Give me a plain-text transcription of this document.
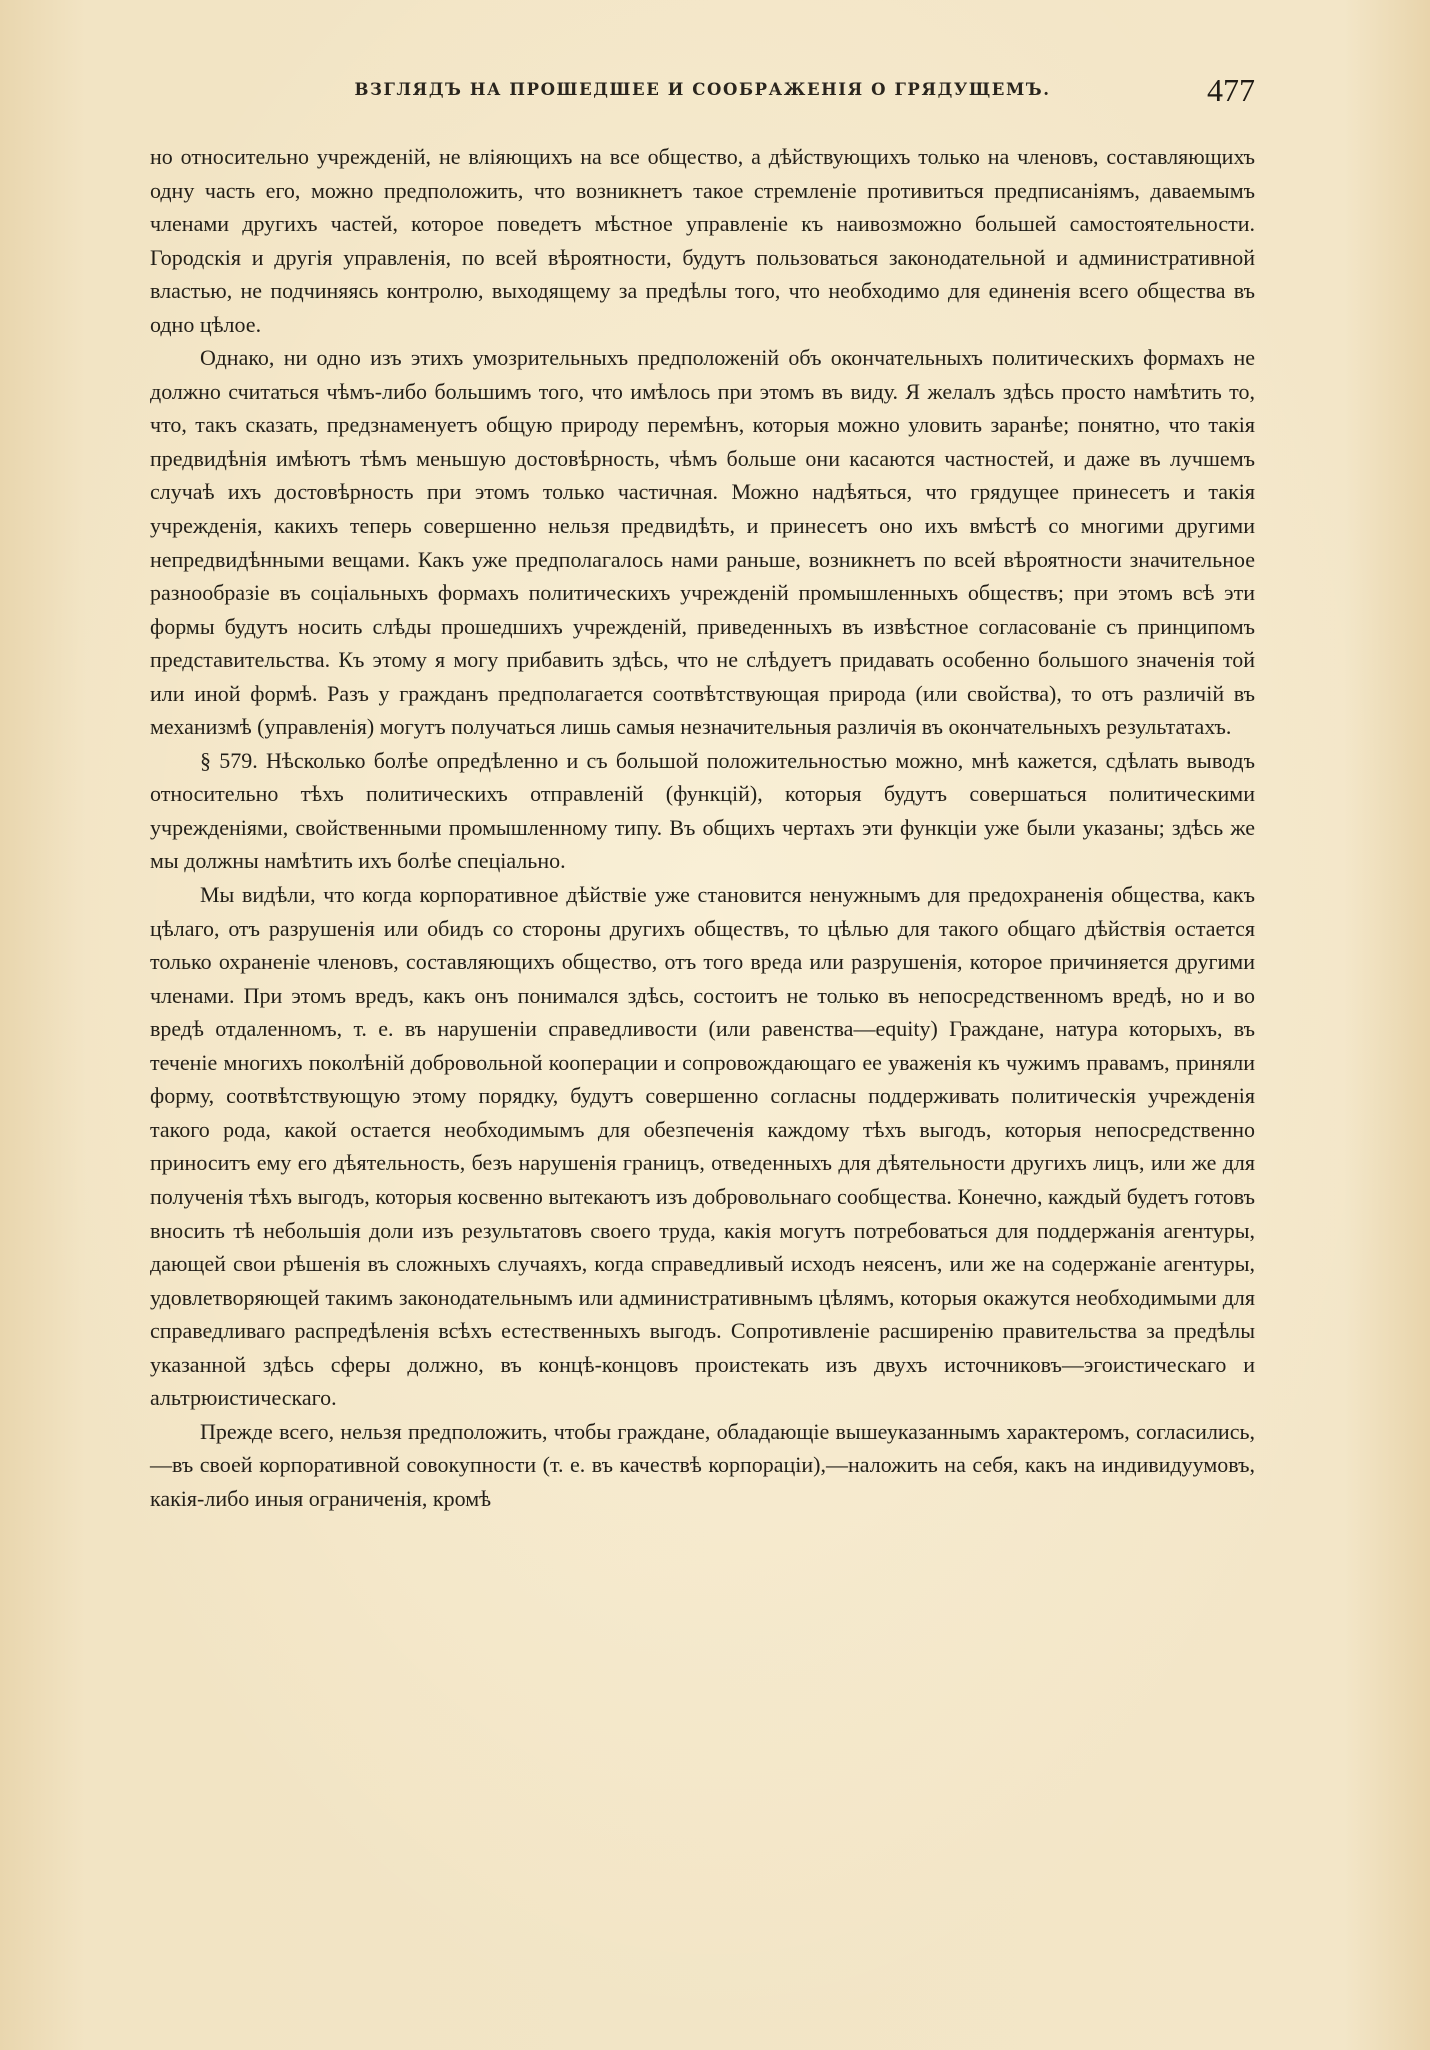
ВЗГЛЯДЪ НА ПРОШЕДШЕЕ И СООБРАЖЕНІЯ О ГРЯДУЩЕМЪ.	477

но относительно учрежденій, не вліяющихъ на все общество, а дѣйствующихъ только на членовъ, составляющихъ одну часть его, можно предположить, что возникнетъ такое стремленіе противиться предписаніямъ, даваемымъ членами другихъ частей, которое поведетъ мѣстное управленіе къ наивозможно большей самостоятельности. Городскія и другія управленія, по всей вѣроятности, будутъ пользоваться законодательной и административной властью, не подчиняясь контролю, выходящему за предѣлы того, что необходимо для единенія всего общества въ одно цѣлое.

Однако, ни одно изъ этихъ умозрительныхъ предположеній объ окончательныхъ политическихъ формахъ не должно считаться чѣмъ-либо большимъ того, что имѣлось при этомъ въ виду. Я желалъ здѣсь просто намѣтить то, что, такъ сказать, предзнаменуетъ общую природу перемѣнъ, которыя можно уловить заранѣе; понятно, что такія предвидѣнія имѣютъ тѣмъ меньшую достовѣрность, чѣмъ больше они касаются частностей, и даже въ лучшемъ случаѣ ихъ достовѣрность при этомъ только частичная. Можно надѣяться, что грядущее принесетъ и такія учрежденія, какихъ теперь совершенно нельзя предвидѣть, и принесетъ оно ихъ вмѣстѣ со многими другими непредвидѣнными вещами. Какъ уже предполагалось нами раньше, возникнетъ по всей вѣроятности значительное разнообразіе въ соціальныхъ формахъ политическихъ учрежденій промышленныхъ обществъ; при этомъ всѣ эти формы будутъ носить слѣды прошедшихъ учрежденій, приведенныхъ въ извѣстное согласованіе съ принципомъ представительства. Къ этому я могу прибавить здѣсь, что не слѣдуетъ придавать особенно большого значенія той или иной формѣ. Разъ у гражданъ предполагается соотвѣтствующая природа (или свойства), то отъ различій въ механизмѣ (управленія) могутъ получаться лишь самыя незначительныя различія въ окончательныхъ результатахъ.

§ 579. Нѣсколько болѣе опредѣленно и съ большой положительностью можно, мнѣ кажется, сдѣлать выводъ относительно тѣхъ политическихъ отправленій (функцій), которыя будутъ совершаться политическими учрежденіями, свойственными промышленному типу. Въ общихъ чертахъ эти функціи уже были указаны; здѣсь же мы должны намѣтить ихъ болѣе спеціально.

Мы видѣли, что когда корпоративное дѣйствіе уже становится ненужнымъ для предохраненія общества, какъ цѣлаго, отъ разрушенія или обидъ со стороны другихъ обществъ, то цѣлью для такого общаго дѣйствія остается только охраненіе членовъ, составляющихъ общество, отъ того вреда или разрушенія, которое причиняется другими членами. При этомъ вредъ, какъ онъ понимался здѣсь, состоитъ не только въ непосредственномъ вредѣ, но и во вредѣ отдаленномъ, т. е. въ нарушеніи справедливости (или равенства—equity) Граждане, натура которыхъ, въ теченіе многихъ поколѣній добровольной кооперации и сопровождающаго ее уваженія къ чужимъ правамъ, приняли форму, соотвѣтствующую этому порядку, будутъ совершенно согласны поддерживать политическія учрежденія такого рода, какой остается необходимымъ для обезпеченія каждому тѣхъ выгодъ, которыя непосредственно приноситъ ему его дѣятельность, безъ нарушенія границъ, отведенныхъ для дѣятельности другихъ лицъ, или же для полученія тѣхъ выгодъ, которыя косвенно вытекаютъ изъ добровольнаго сообщества. Конечно, каждый будетъ готовъ вносить тѣ небольшія доли изъ результатовъ своего труда, какія могутъ потребоваться для поддержанія агентуры, дающей свои рѣшенія въ сложныхъ случаяхъ, когда справедливый исходъ неясенъ, или же на содержаніе агентуры, удовлетворяющей такимъ законодательнымъ или административнымъ цѣлямъ, которыя окажутся необходимыми для справедливаго распредѣленія всѣхъ естественныхъ выгодъ. Сопротивленіе расширенію правительства за предѣлы указанной здѣсь сферы должно, въ концѣ-концовъ проистекать изъ двухъ источниковъ—эгоистическаго и альтрюистическаго.

Прежде всего, нельзя предположить, чтобы граждане, обладающіе вышеуказаннымъ характеромъ, согласились,—въ своей корпоративной совокупности (т. е. въ качествѣ корпораціи),—наложить на себя, какъ на индивидуумовъ, какія-либо иныя ограниченія, кромѣ
